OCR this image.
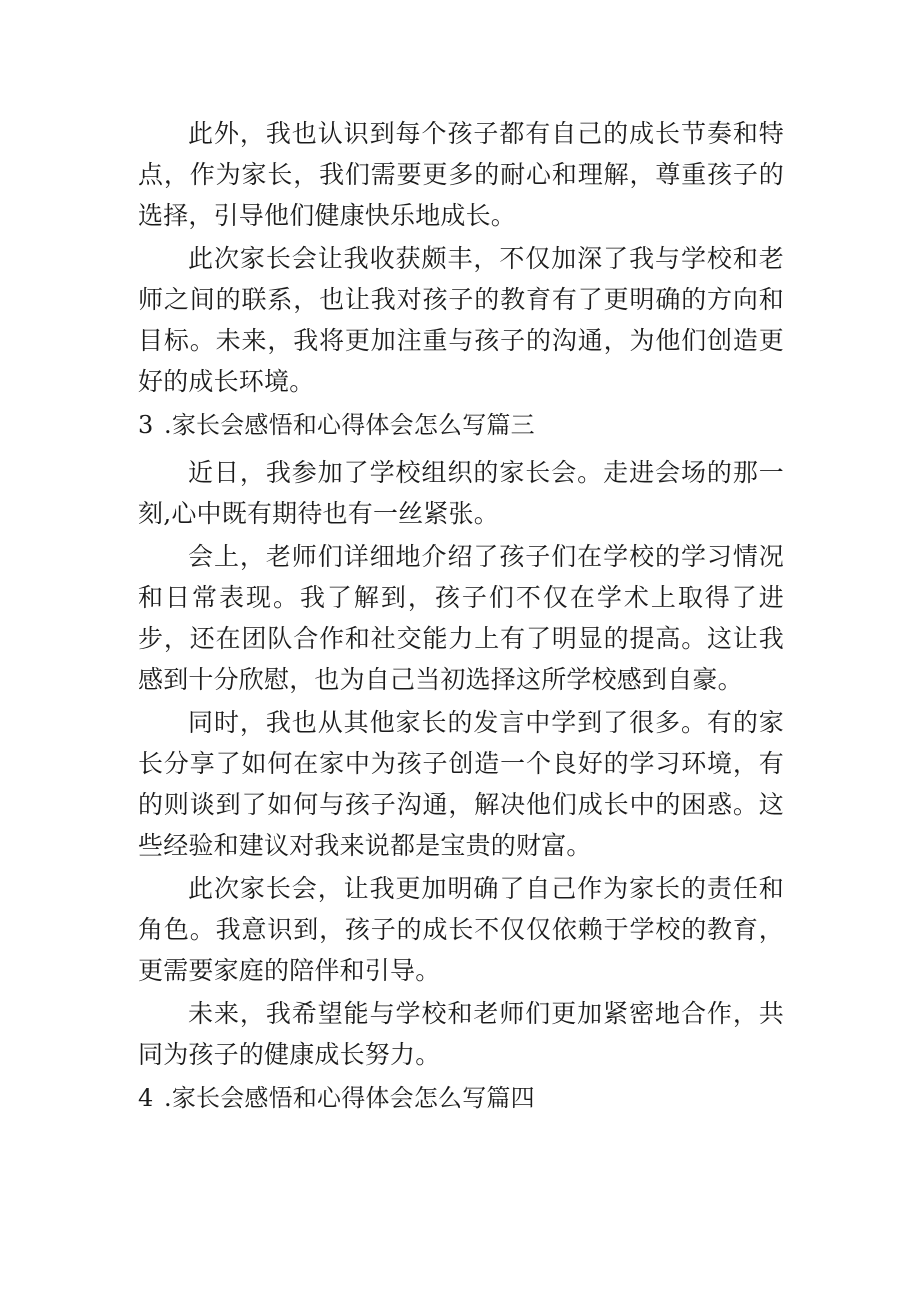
此外，我也认识到每个孩子都有自己的成长节奏和特点，作为家长，我们需要更多的耐心和理解，尊重孩子的选择，引导他们健康快乐地成长。

此次家长会让我收获颇丰，不仅加深了我与学校和老师之间的联系，也让我对孩子的教育有了更明确的方向和目标。未来，我将更加注重与孩子的沟通，为他们创造更好的成长环境。

3 .家长会感悟和心得体会怎么写篇三

近日，我参加了学校组织的家长会。走进会场的那一刻,心中既有期待也有一丝紧张。

会上，老师们详细地介绍了孩子们在学校的学习情况和日常表现。我了解到，孩子们不仅在学术上取得了进步，还在团队合作和社交能力上有了明显的提高。这让我感到十分欣慰，也为自己当初选择这所学校感到自豪。

同时，我也从其他家长的发言中学到了很多。有的家长分享了如何在家中为孩子创造一个良好的学习环境，有的则谈到了如何与孩子沟通，解决他们成长中的困惑。这些经验和建议对我来说都是宝贵的财富。

此次家长会，让我更加明确了自己作为家长的责任和角色。我意识到，孩子的成长不仅仅依赖于学校的教育，更需要家庭的陪伴和引导。

未来，我希望能与学校和老师们更加紧密地合作，共同为孩子的健康成长努力。

4 .家长会感悟和心得体会怎么写篇四
